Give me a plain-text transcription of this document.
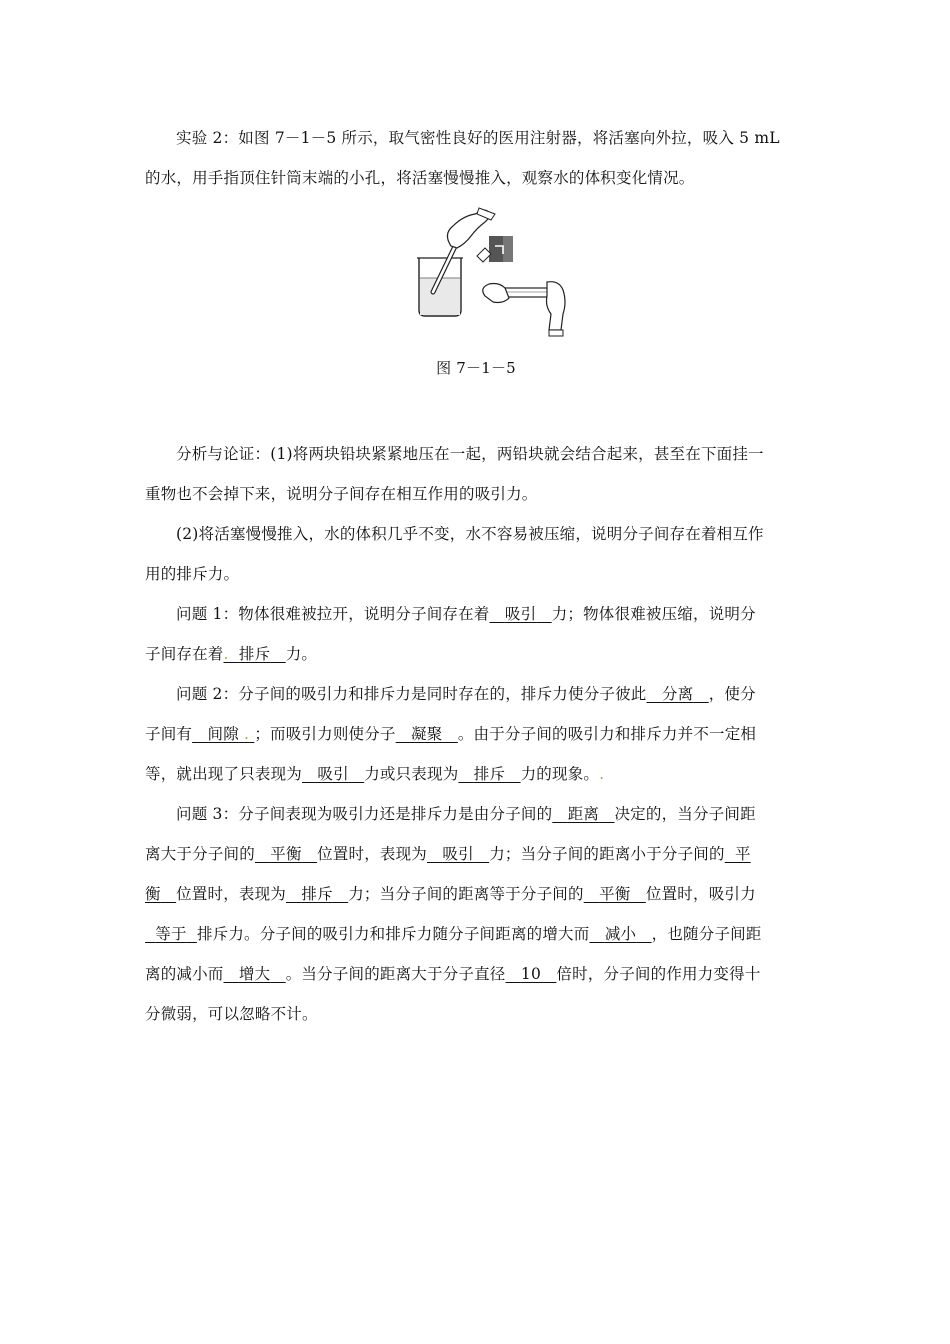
实验 2：如图 7－1－5 所示，取气密性良好的医用注射器，将活塞向外拉，吸入 5 mL

的水，用手指顶住针筒末端的小孔，将活塞慢慢推入，观察水的体积变化情况。

图 7－1－5

分析与论证：(1)将两块铅块紧紧地压在一起，两铅块就会结合起来，甚至在下面挂一

重物也不会掉下来，说明分子间存在相互作用的吸引力。

(2)将活塞慢慢推入，水的体积几乎不变，水不容易被压缩，说明分子间存在着相互作

用的排斥力。

问题 1：物体很难被拉开，说明分子间存在着 吸引 力；物体很难被压缩，说明分

子间存在着. 排斥 力。

问题 2：分子间的吸引力和排斥力是同时存在的，排斥力使分子彼此 分离 ，使分

子间有 间隙 . ；而吸引力则使分子 凝聚 。由于分子间的吸引力和排斥力并不一定相

等，就出现了只表现为 吸引 力或只表现为 排斥 力的现象。.

问题 3：分子间表现为吸引力还是排斥力是由分子间的 距离 决定的，当分子间距

离大于分子间的 平衡 位置时，表现为 吸引 力；当分子间的距离小于分子间的 平

衡 位置时，表现为 排斥 力；当分子间的距离等于分子间的 平衡 位置时，吸引力

等于 排斥力。分子间的吸引力和排斥力随分子间距离的增大而 减小 ，也随分子间距

离的减小而 增大 。当分子间的距离大于分子直径 10 倍时，分子间的作用力变得十

分微弱，可以忽略不计。
